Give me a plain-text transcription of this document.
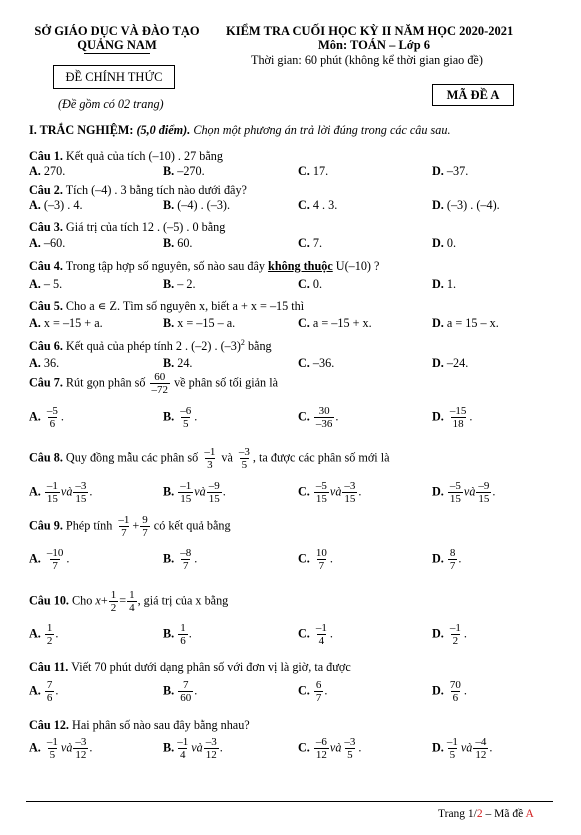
SỞ GIÁO DỤC VÀ ĐÀO TẠO
QUẢNG NAM
ĐỀ CHÍNH THỨC
(Đề gồm có 02 trang)
KIỂM TRA CUỐI HỌC KỲ II NĂM HỌC 2020-2021
Môn: TOÁN – Lớp 6
Thời gian: 60 phút (không kể thời gian giao đề)
MÃ ĐỀ A
I. TRẮC NGHIỆM: (5,0 điểm). Chọn một phương án trả lời đúng trong các câu sau.
Câu 1. Kết quả của tích (–10) . 27 bằng
A. 270.	B. –270.	C. 17.	D. –37.
Câu 2. Tích (–4) . 3 bằng tích nào dưới đây?
A. (–3) . 4.	B. (–4) . (–3).	C. 4 . 3.	D. (–3) . (–4).
Câu 3. Giá trị của tích 12 . (–5) . 0 bằng
A. –60.	B. 60.	C. 7.	D. 0.
Câu 4. Trong tập hợp số nguyên, số nào sau đây không thuộc U(–10) ?
A. – 5.	B. – 2.	C. 0.	D. 1.
Câu 5. Cho a ∊ Z. Tìm số nguyên x, biết a + x = –15 thì
A. x = –15 + a.	B. x = –15 – a.	C. a = –15 + x.	D. a = 15 – x.
Câu 6. Kết quả của phép tính 2 . (–2) . $(-3)^2$ bằng
A. 36.	B. 24.	C. –36.	D. –24.
Câu 7. Rút gọn phân số $\frac{60}{-72}$ về phân số tối giản là
A. $\frac{-5}{6}$ .	B. $\frac{-6}{5}$ .	C. $\frac{30}{-36}$ .	D. $\frac{-15}{18}$ .
Câu 8. Quy đồng mẫu các phân số $\frac{-1}{3}$ và $\frac{-3}{5}$ , ta được các phân số mới là
A. $\frac{-1}{15}$ và $\frac{-3}{15}$ .	B. $\frac{-1}{15}$ và $\frac{-9}{15}$ .	C. $\frac{-5}{15}$ và $\frac{-3}{15}$ .	D. $\frac{-5}{15}$ và $\frac{-9}{15}$ .
Câu 9. Phép tính $\frac{-1}{7} + \frac{9}{7}$ có kết quả bằng
A. $\frac{-10}{7}$ .	B. $\frac{-8}{7}$ .	C. $\frac{10}{7}$ .	D. $\frac{8}{7}$ .
Câu 10. Cho $x+ \frac{1}{2} = \frac{1}{4}$ , giá trị của x bằng
A. $\frac{1}{2}$ .	B. $\frac{1}{6}$ .	C. $\frac{-1}{4}$ .	D. $\frac{-1}{2}$ .
Câu 11. Viết 70 phút dưới dạng phân số với đơn vị là giờ, ta được
A. $\frac{7}{6}$ .	B. $\frac{7}{60}$ .	C. $\frac{6}{7}$ .	D. $\frac{70}{6}$ .
Câu 12. Hai phân số nào sau đây bằng nhau?
A. $\frac{-1}{5}$ và $\frac{-3}{12}$ .	B. $\frac{-1}{4}$ và $\frac{-3}{12}$ .	C. $\frac{-6}{12}$ và $\frac{-3}{5}$ .	D. $\frac{-1}{5}$ và $\frac{-4}{12}$ .
Trang 1/2 – Mã đề A
